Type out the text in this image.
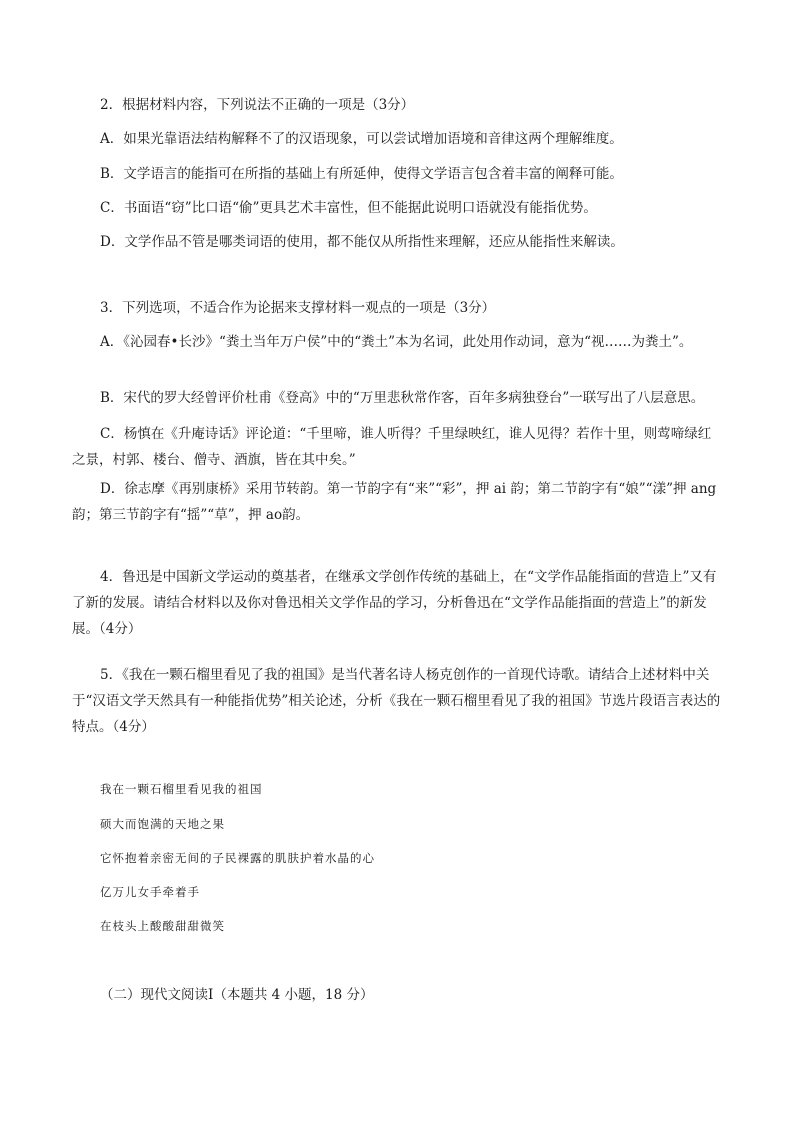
2．根据材料内容，下列说法不正确的一项是（3分）
A．如果光靠语法结构解释不了的汉语现象，可以尝试增加语境和音律这两个理解维度。
B．文学语言的能指可在所指的基础上有所延伸，使得文学语言包含着丰富的阐释可能。
C．书面语“窃”比口语“偷”更具艺术丰富性，但不能据此说明口语就没有能指优势。
D．文学作品不管是哪类词语的使用，都不能仅从所指性来理解，还应从能指性来解读。
3．下列选项，不适合作为论据来支撑材料一观点的一项是（3分）
A．《沁园春•长沙》“粪土当年万户侯”中的“粪土”本为名词，此处用作动词，意为“视……为粪土”。
B．宋代的罗大经曾评价杜甫《登高》中的“万里悲秋常作客，百年多病独登台”一联写出了八层意思。
C．杨慎在《升庵诗话》评论道：“千里啼，谁人听得？千里绿映红，谁人见得？若作十里，则莺啼绿红之景，村郭、楼台、僧寺、酒旗，皆在其中矣。”
D．徐志摩《再别康桥》采用节转韵。第一节韵字有“来”“彩”，押 ai 韵；第二节韵字有“娘”“漾”押 ang韵；第三节韵字有“摇”“草”，押 ao韵。
4．鲁迅是中国新文学运动的奠基者，在继承文学创作传统的基础上，在“文学作品能指面的营造上”又有了新的发展。请结合材料以及你对鲁迅相关文学作品的学习，分析鲁迅在“文学作品能指面的营造上”的新发展。（4分）
5．《我在一颗石榴里看见了我的祖国》是当代著名诗人杨克创作的一首现代诗歌。请结合上述材料中关于“汉语文学天然具有一种能指优势”相关论述，分析《我在一颗石榴里看见了我的祖国》节选片段语言表达的特点。（4分）
我在一颗石榴里看见我的祖国
硕大而饱满的天地之果
它怀抱着亲密无间的子民裸露的肌肤护着水晶的心
亿万儿女手牵着手
在枝头上酸酸甜甜微笑
（二）现代文阅读Ⅰ（本题共 4 小题，18 分）
